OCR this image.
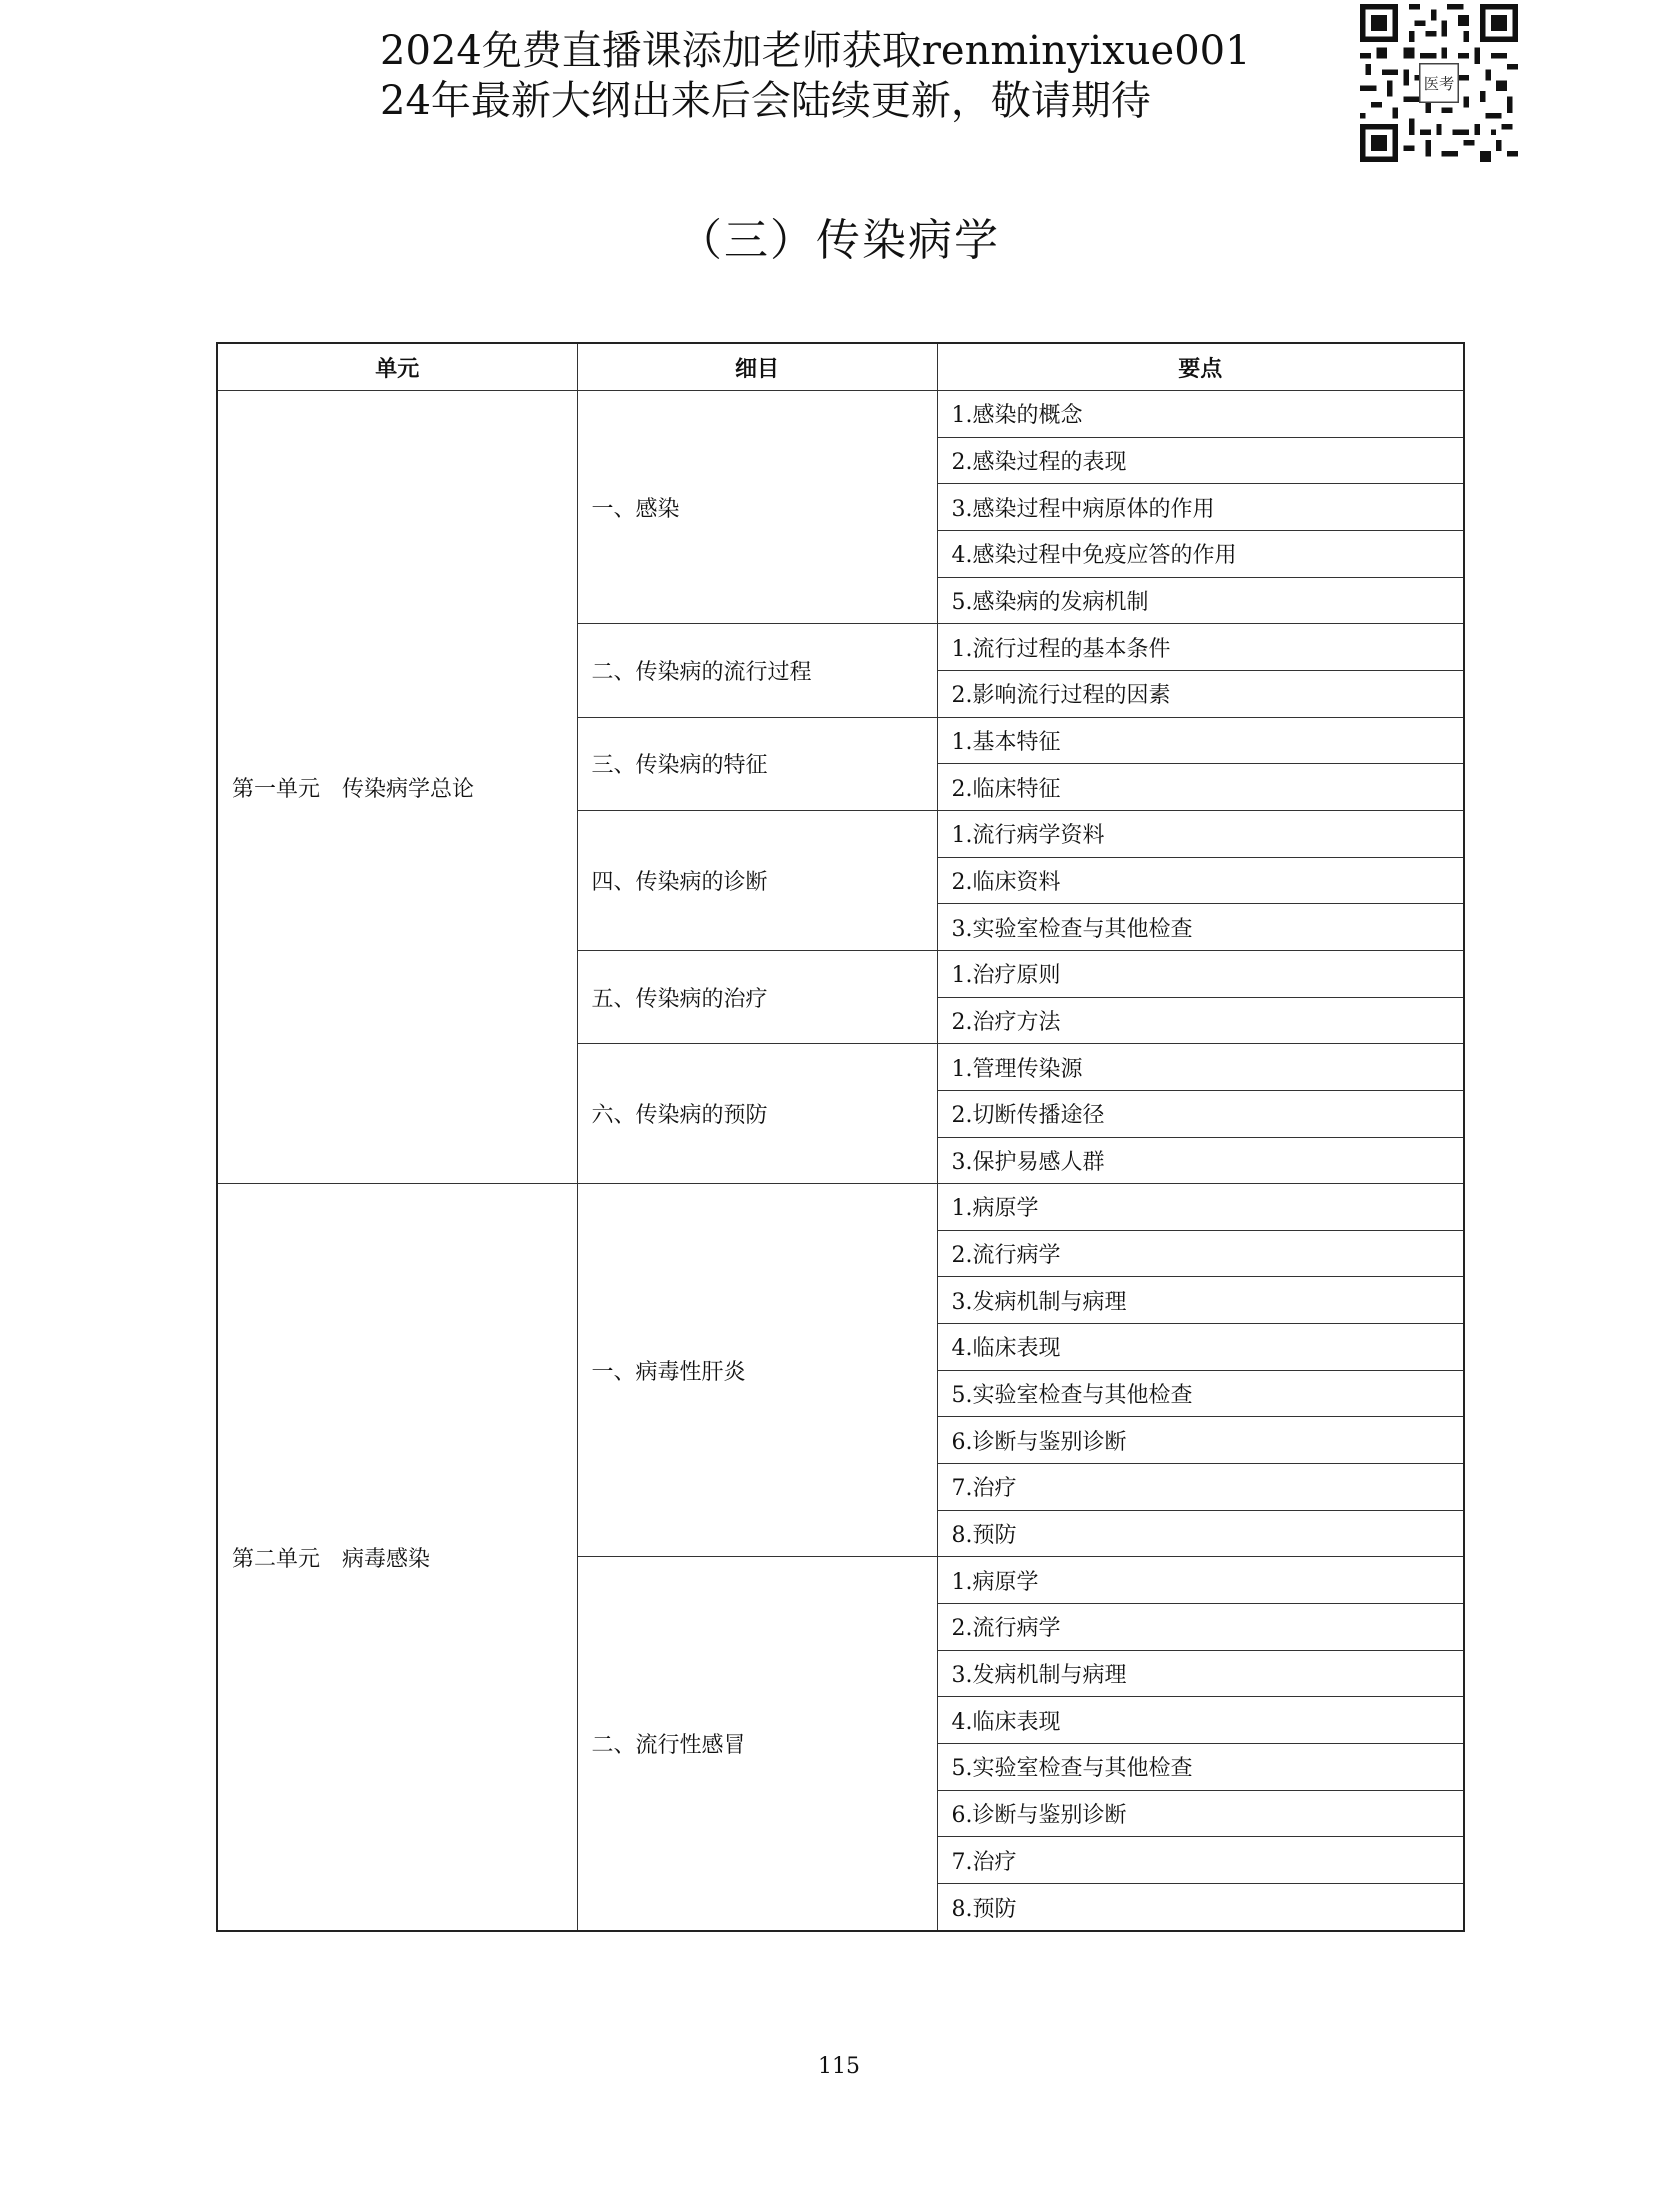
2024免费直播课添加老师获取renminyixue001
24年最新大纲出来后会陆续更新，敬请期待	医考
（三）传染病学
单元	细目	要点
第一单元　传染病学总论	一、感染	1.感染的概念
		2.感染过程的表现
		3.感染过程中病原体的作用
		4.感染过程中免疫应答的作用
		5.感染病的发病机制
	二、传染病的流行过程	1.流行过程的基本条件
		2.影响流行过程的因素
	三、传染病的特征	1.基本特征
		2.临床特征
	四、传染病的诊断	1.流行病学资料
		2.临床资料
		3.实验室检查与其他检查
	五、传染病的治疗	1.治疗原则
		2.治疗方法
	六、传染病的预防	1.管理传染源
		2.切断传播途径
		3.保护易感人群
第二单元　病毒感染	一、病毒性肝炎	1.病原学
		2.流行病学
		3.发病机制与病理
		4.临床表现
		5.实验室检查与其他检查
		6.诊断与鉴别诊断
		7.治疗
		8.预防
	二、流行性感冒	1.病原学
		2.流行病学
		3.发病机制与病理
		4.临床表现
		5.实验室检查与其他检查
		6.诊断与鉴别诊断
		7.治疗
		8.预防
115
